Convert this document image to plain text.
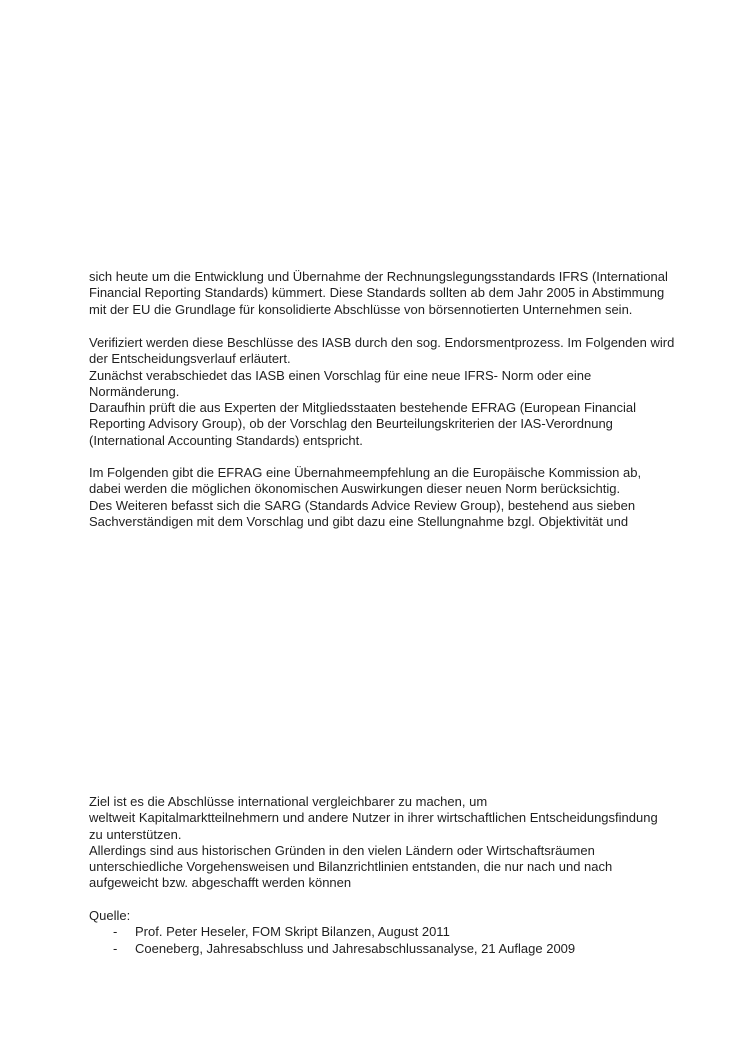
sich heute um die Entwicklung und Übernahme der Rechnungslegungsstandards IFRS (International
Financial Reporting Standards) kümmert. Diese Standards sollten ab dem Jahr 2005 in Abstimmung
mit der EU die Grundlage für konsolidierte Abschlüsse von börsennotierten Unternehmen sein.
Verifiziert werden diese Beschlüsse des IASB durch den sog. Endorsmentprozess. Im Folgenden wird
der Entscheidungsverlauf erläutert.
Zunächst verabschiedet das IASB einen Vorschlag für eine neue IFRS- Norm oder eine
Normänderung.
Daraufhin prüft die aus Experten der Mitgliedsstaaten bestehende EFRAG (European Financial
Reporting Advisory Group), ob der Vorschlag den Beurteilungskriterien der IAS-Verordnung
(International Accounting Standards) entspricht.
Im Folgenden gibt die EFRAG eine Übernahmeempfehlung an die Europäische Kommission ab,
dabei werden die möglichen ökonomischen Auswirkungen dieser neuen Norm berücksichtig.
Des Weiteren befasst sich die SARG (Standards Advice Review Group), bestehend aus sieben
Sachverständigen mit dem Vorschlag und gibt dazu eine Stellungnahme bzgl. Objektivität und
Ziel ist es die Abschlüsse international vergleichbarer zu machen, um
weltweit Kapitalmarktteilnehmern und andere Nutzer in ihrer wirtschaftlichen Entscheidungsfindung
zu unterstützen.
Allerdings sind aus historischen Gründen in den vielen Ländern oder Wirtschaftsräumen
unterschiedliche Vorgehensweisen und Bilanzrichtlinien entstanden, die nur nach und nach
aufgeweicht bzw. abgeschafft werden können
Quelle:
- Prof. Peter Heseler, FOM Skript Bilanzen, August 2011
- Coeneberg, Jahresabschluss und Jahresabschlussanalyse, 21 Auflage 2009
